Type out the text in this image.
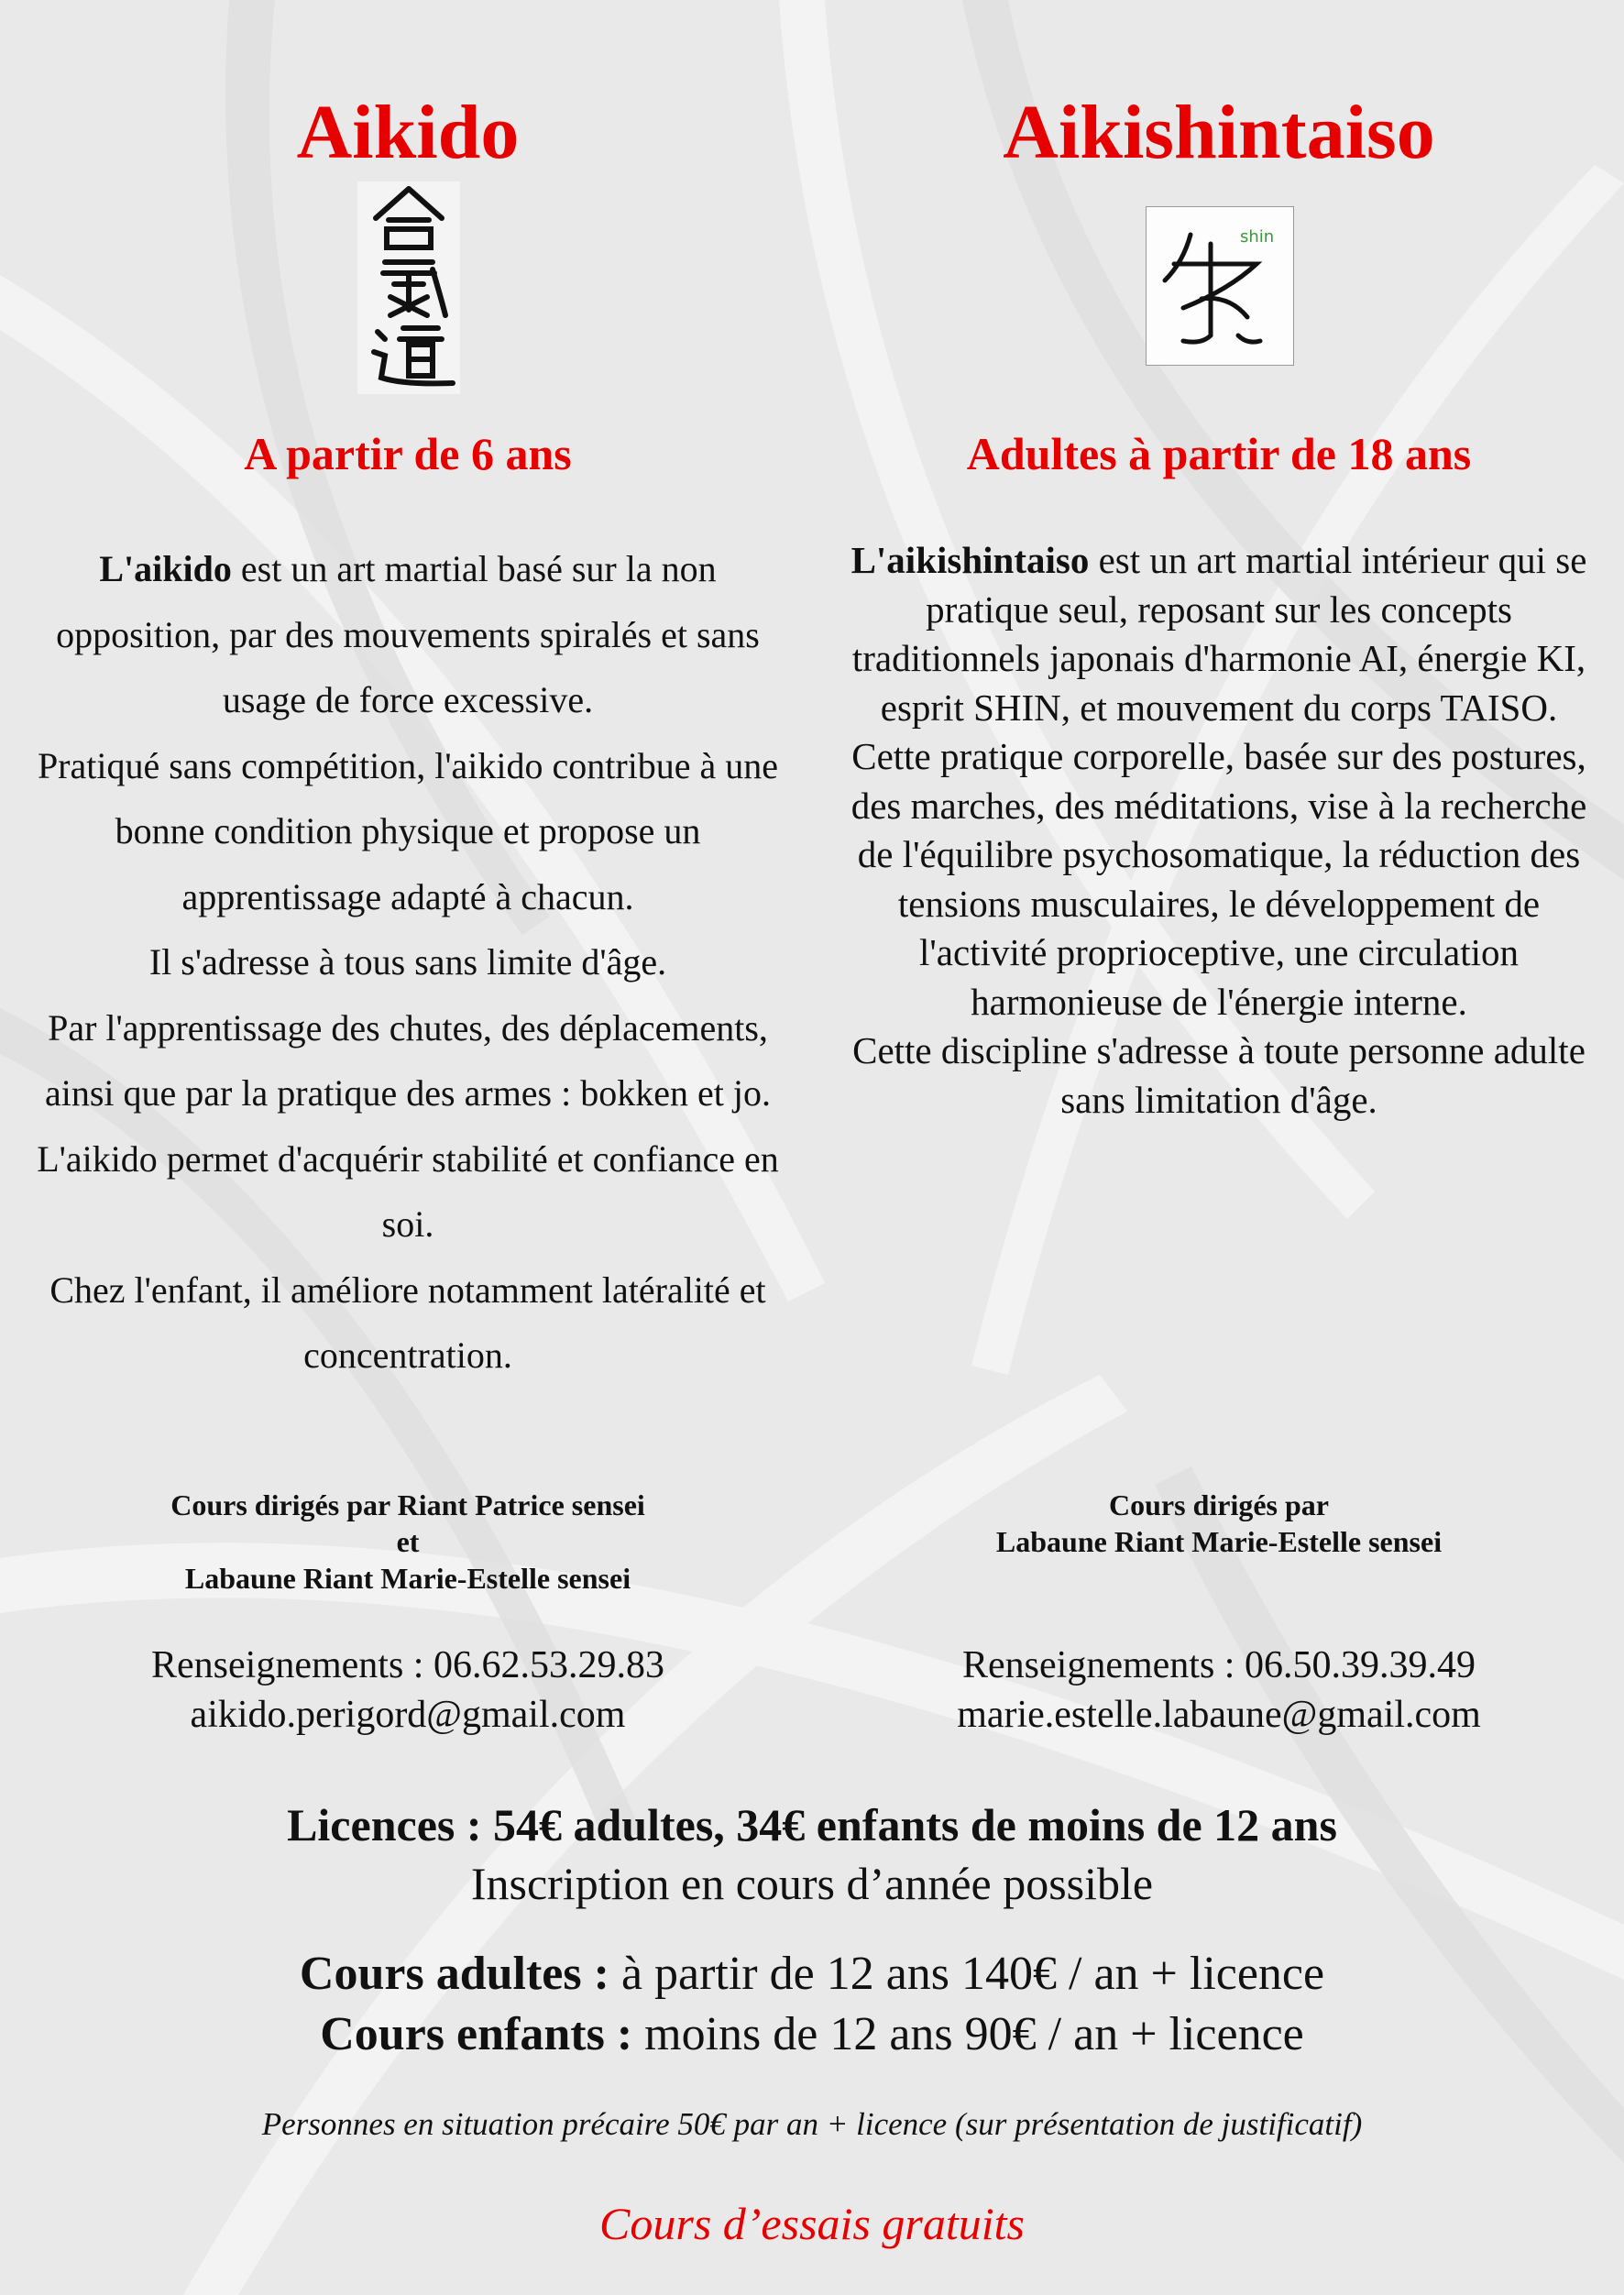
Aikido
A partir de 6 ans

L'aikido est un art martial basé sur la non opposition, par des mouvements spiralés et sans usage de force excessive.

Pratiqué sans compétition, l'aikido contribue à une bonne condition physique et propose un apprentissage adapté à chacun.

Il s'adresse à tous sans limite d'âge.

Par l'apprentissage des chutes, des déplacements, ainsi que par la pratique des armes : bokken et jo. L'aikido permet d'acquérir stabilité et confiance en soi.

Chez l'enfant, il améliore notamment latéralité et concentration.

Cours dirigés par Riant Patrice sensei
et
Labaune Riant Marie-Estelle sensei
Renseignements : 06.62.53.29.83
aikido.perigord@gmail.com
Aikishintaiso
Adultes à partir de 18 ans

L'aikishintaiso est un art martial intérieur qui se pratique seul, reposant sur les concepts traditionnels japonais d'harmonie AI, énergie KI, esprit SHIN, et mouvement du corps TAISO.

Cette pratique corporelle, basée sur des postures, des marches, des méditations, vise à la recherche de l'équilibre psychosomatique, la réduction des tensions musculaires, le développement de l'activité proprioceptive, une circulation harmonieuse de l'énergie interne.

Cette discipline s'adresse à toute personne adulte sans limitation d'âge.

Cours dirigés par
Labaune Riant Marie-Estelle sensei
Renseignements : 06.50.39.39.49
marie.estelle.labaune@gmail.com
shin
Licences : 54€ adultes, 34€ enfants de moins de 12 ans
Inscription en cours d’année possible
Cours adultes : à partir de 12 ans 140€ / an + licence
Cours enfants : moins de 12 ans 90€ / an + licence
Personnes en situation précaire 50€ par an + licence (sur présentation de justificatif)
Cours d’essais gratuits
